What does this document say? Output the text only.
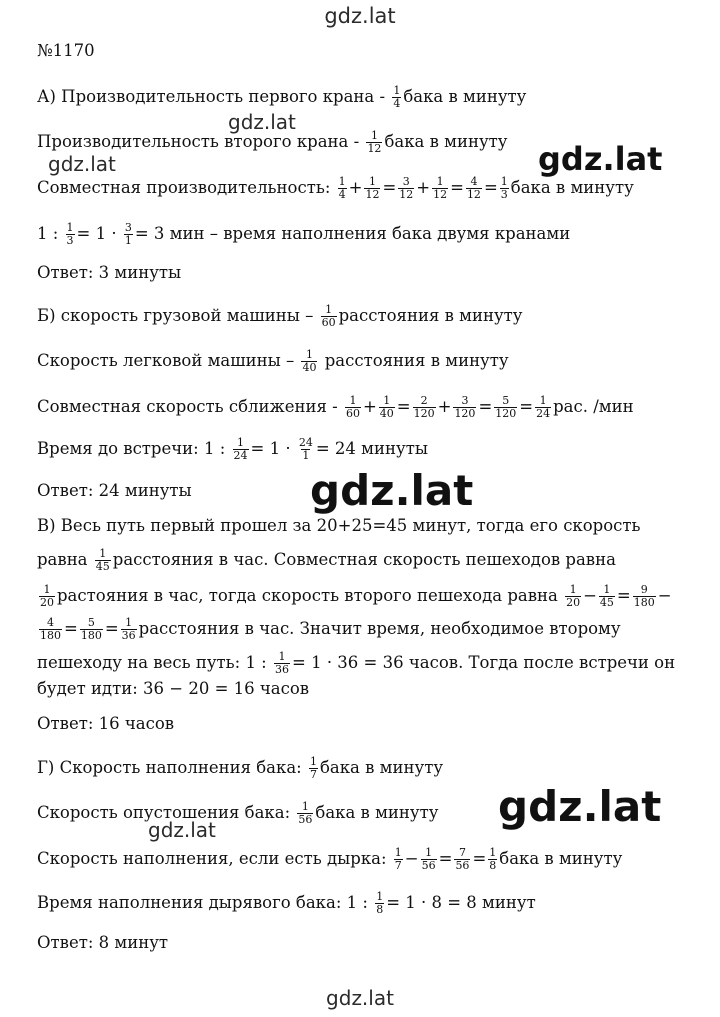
gdz.lat
gdz.lat
gdz.lat	gdz.lat
gdz.lat
gdz.lat
gdz.lat
gdz.lat
№1170
А) Производительность первого крана - $\frac{1}{4}$ бака в минуту
Производительность второго крана - $\frac{1}{12}$ бака в минуту
Совместная производительность: $\frac{1}{4} + \frac{1}{12} = \frac{3}{12} + \frac{1}{12} = \frac{4}{12} = \frac{1}{3}$ бака в минуту
1 : $\frac{1}{3} = 1 \cdot \frac{3}{1} = 3$ мин – время наполнения бака двумя кранами
Ответ: 3 минуты
Б) скорость грузовой машины – $\frac{1}{60}$ расстояния в минуту
Скорость легковой машины – $\frac{1}{40}$ расстояния в минуту
Совместная скорость сближения - $\frac{1}{60} + \frac{1}{40} = \frac{2}{120} + \frac{3}{120} = \frac{5}{120} = \frac{1}{24}$ рас. /мин
Время до встречи: 1 : $\frac{1}{24} = 1 \cdot \frac{24}{1} = 24$ минуты
Ответ: 24 минуты
В) Весь путь первый прошел за 20+25=45 минут, тогда его скорость
равна $\frac{1}{45}$ расстояния в час. Совместная скорость пешеходов равна
$\frac{1}{20}$ растояния в час, тогда скорость второго пешехода равна $\frac{1}{20} - \frac{1}{45} = \frac{9}{180}$ −
$\frac{4}{180} = \frac{5}{180} = \frac{1}{36}$ расстояния в час. Значит время, необходимое второму
пешеходу на весь путь: 1 : $\frac{1}{36} = 1 \cdot 36 = 36$ часов. Тогда после встречи он
будет идти: 36 − 20 = 16 часов
Ответ: 16 часов
Г) Скорость наполнения бака: $\frac{1}{7}$ бака в минуту
Скорость опустошения бака: $\frac{1}{56}$ бака в минуту
Скорость наполнения, если есть дырка: $\frac{1}{7} - \frac{1}{56} = \frac{7}{56} = \frac{1}{8}$ бака в минуту
Время наполнения дырявого бака: 1 : $\frac{1}{8} = 1 \cdot 8 = 8$ минут
Ответ: 8 минут
